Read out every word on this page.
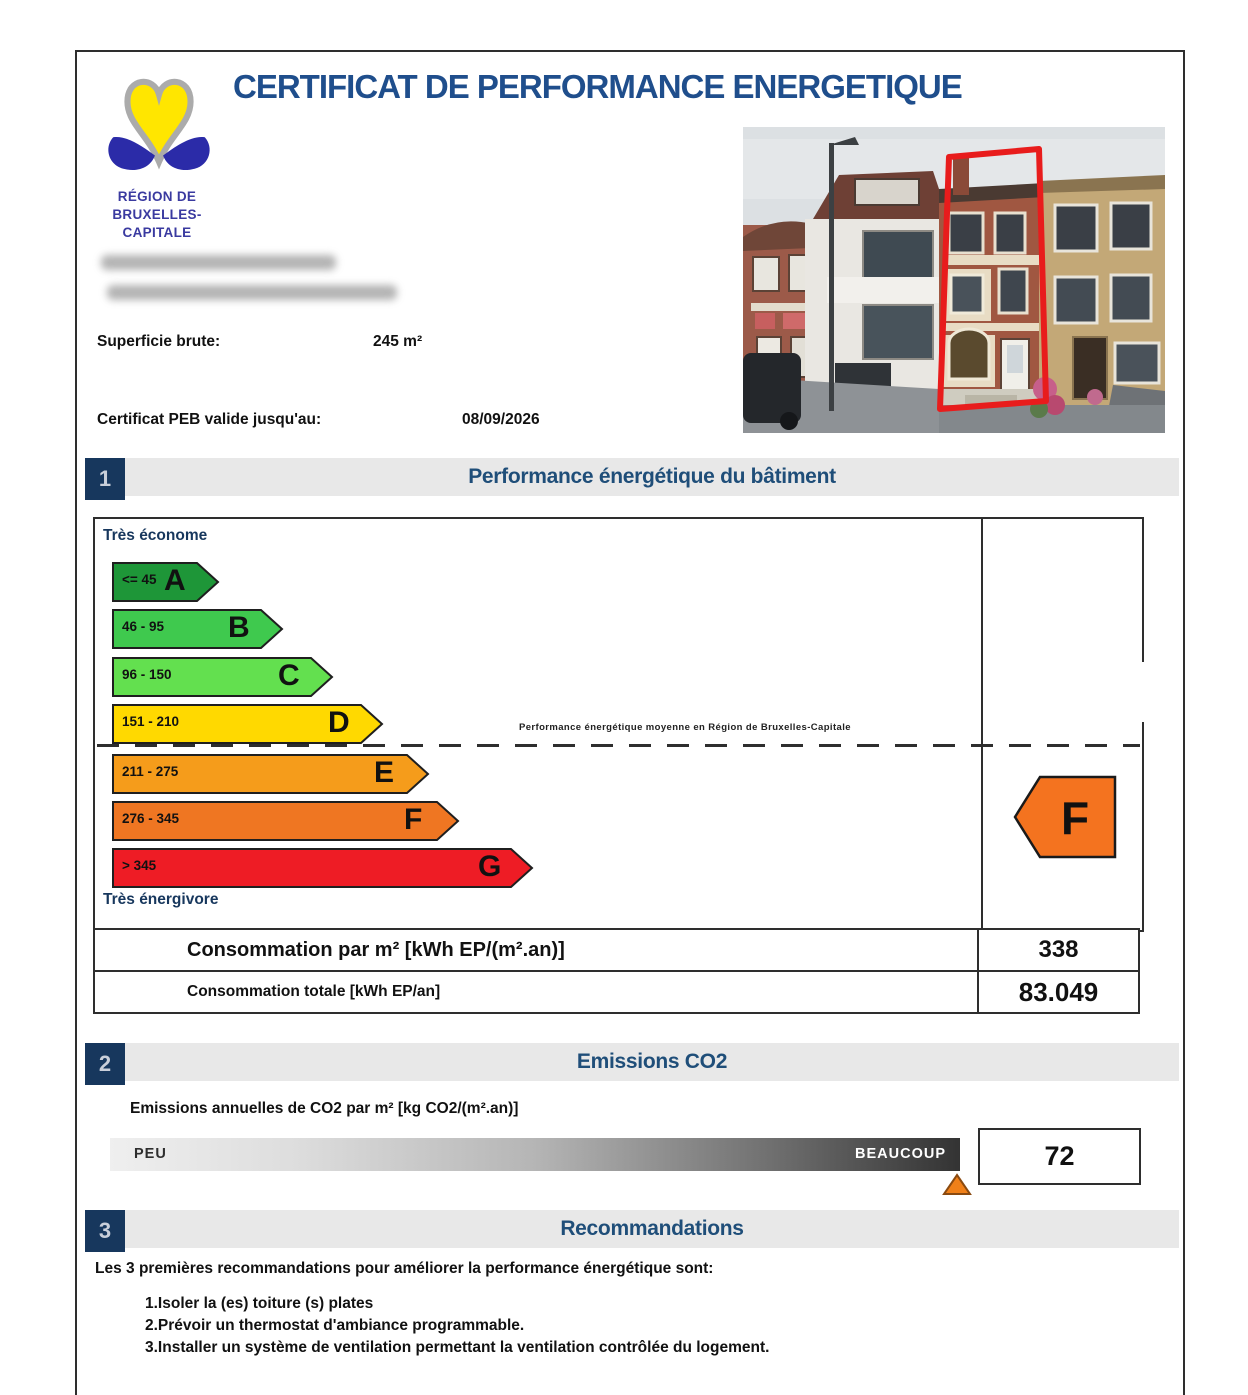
RÉGION DE
BRUXELLES-
CAPITALE
CERTIFICAT DE PERFORMANCE ENERGETIQUE
Superficie brute:	245 m²
Certificat PEB valide jusqu'au:	08/09/2026
1	Performance énergétique du bâtiment
Très économe
<= 45 A
46 - 95 B
96 - 150	C
151 - 210	D
211 - 275	E
276 - 345	F
> 345	G
Performance énergétique moyenne en Région de Bruxelles-Capitale
F
Très énergivore
Consommation par m² [kWh EP/(m².an)]	338
Consommation totale [kWh EP/an]	83.049
2	Emissions CO2
Emissions annuelles de CO2 par m² [kg CO2/(m².an)]
PEU	BEAUCOUP	72
3	Recommandations
Les 3 premières recommandations pour améliorer la performance énergétique sont:
1.Isoler la (es) toiture (s) plates
2.Prévoir un thermostat d'ambiance programmable.
3.Installer un système de ventilation permettant la ventilation contrôlée du logement.
